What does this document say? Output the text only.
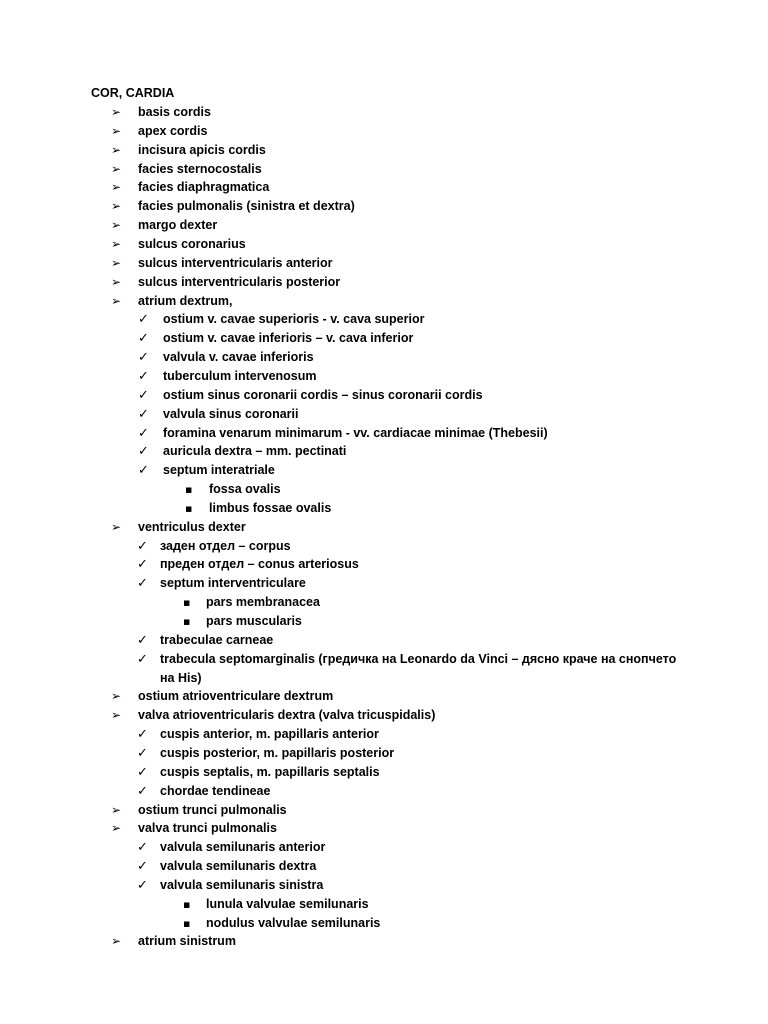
COR, CARDIA
➢ basis cordis
➢ apex cordis
➢ incisura apicis cordis
➢ facies sternocostalis
➢ facies diaphragmatica
➢ facies pulmonalis (sinistra et dextra)
➢ margo dexter
➢ sulcus coronarius
➢ sulcus interventricularis anterior
➢ sulcus interventricularis posterior
➢ atrium dextrum,
✓ ostium v. cavae superioris - v. cava superior
✓ ostium v. cavae inferioris – v. cava inferior
✓ valvula v. cavae inferioris
✓ tuberculum intervenosum
✓ ostium sinus coronarii cordis – sinus coronarii cordis
✓ valvula sinus coronarii
✓ foramina venarum minimarum - vv. cardiacae minimae (Thebesii)
✓ auricula dextra – mm. pectinati
✓ septum interatriale
▪ fossa ovalis
▪ limbus fossae ovalis
➢ ventriculus dexter
✓ заден отдел – corpus
✓ преден отдел – conus arteriosus
✓ septum interventriculare
▪ pars membranacea
▪ pars muscularis
✓ trabeculae carneae
✓ trabecula septomarginalis (гредичка на Leonardo da Vinci – дясно краче на снопчето
на His)
➢ ostium atrioventriculare dextrum
➢ valva atrioventricularis dextra (valva tricuspidalis)
✓ cuspis anterior, m. papillaris anterior
✓ cuspis posterior, m. papillaris posterior
✓ cuspis septalis, m. papillaris septalis
✓ chordae tendineae
➢ ostium trunci pulmonalis
➢ valva trunci pulmonalis
✓ valvula semilunaris anterior
✓ valvula semilunaris dextra
✓ valvula semilunaris sinistra
▪ lunula valvulae semilunaris
▪ nodulus valvulae semilunaris
➢ atrium sinistrum
